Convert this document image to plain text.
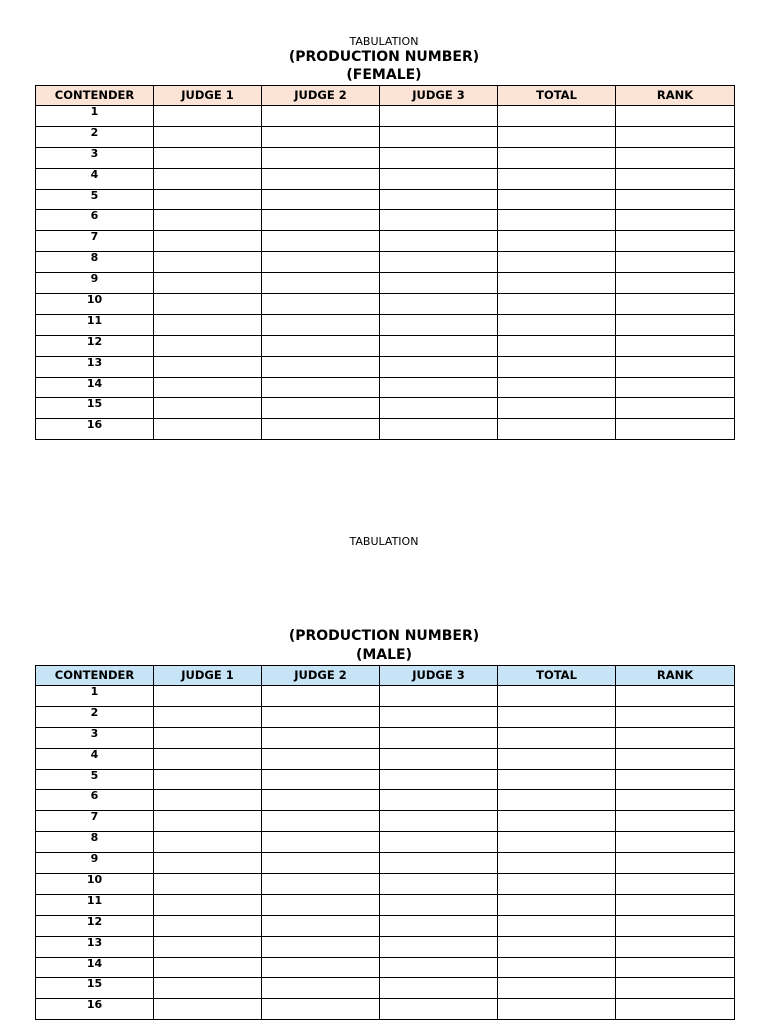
TABULATION
(PRODUCTION NUMBER)
(FEMALE)
CONTENDER	JUDGE 1	JUDGE 2	JUDGE 3	TOTAL	RANK
1					
2					
3					
4					
5					
6					
7					
8					
9					
10					
11					
12					
13					
14					
15					
16					
TABULATION
(PRODUCTION NUMBER)
(MALE)
CONTENDER	JUDGE 1	JUDGE 2	JUDGE 3	TOTAL	RANK
1					
2					
3					
4					
5					
6					
7					
8					
9					
10					
11					
12					
13					
14					
15					
16					
